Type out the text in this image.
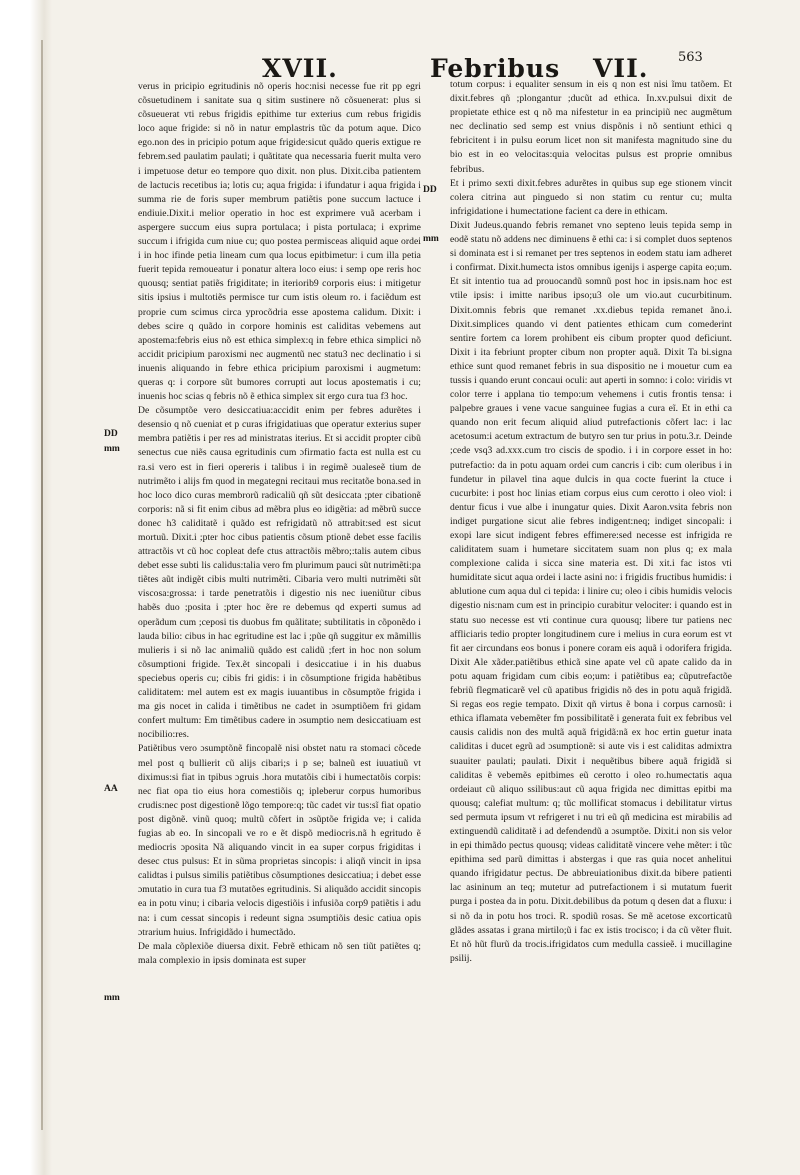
XVII.	Febribus VII. 563
DD
mm
AA
mm
DD
mm

verus in pricipio egritudinis nõ operis hoc:nisi necesse fue rit pp egri cõsuetudinem i sanitate sua q sitim sustinere nõ cõsuenerat: plus si cõsueuerat vti rebus frigidis epithime tur exterius cum rebus frigidis loco aque frigide: si nõ in natur emplastris tũc da potum aque. Dico ego.non des in pricipio potum aque frigide:sicut quãdo queris extigue re febrem.sed paulatim paulati; i quãtitate qua necessaria fuerit multa vero i impetuose detur eo tempore quo dixit. non plus. Dixit.ciba patientem de lactucis recetibus ia; lotis cu; aqua frigida: i ifundatur i aqua frigida i summa rie de foris super membrum patiẽtis pone succum lactuce i endiuie.Dixit.i melior operatio in hoc est exprimere vuã acerbam i aspergere succum eius supra portulaca; i pista portulaca; i exprime succum i ifrigida cum niue cu; quo postea permisceas aliquid aque ordei i in hoc ifinde petia lineam cum qua locus epitbimetur: i cum illa petia fuerit tepida remoueatur i ponatur altera loco eius: i semp ope reris hoc quousq; sentiat patiẽs frigiditate; in iteriorib9 corporis eius: i mitigetur sitis ipsius i multotiẽs permisce tur cum istis oleum ro. i faciẽdum est proprie cum scimus circa yprocõdria esse apostema calidum. Dixit: i debes scire q quãdo in corpore hominis est caliditas vebemens aut apostema:febris eius nõ est ethica simplex:q in febre ethica simplici nõ accidit pricipium paroxismi nec augmentũ nec statu3 nec declinatio i si inuenis aliquando in febre ethica pricipium paroxismi i augmetum: queras q: i corpore sũt bumores corrupti aut locus apostematis i cu; inuenis hoc scias q febris nõ ẽ ethica simplex sit ergo cura tua f3 hoc.

De cõsumptõe vero desiccatiua:accidit enim per febres adurẽtes i desensio q nõ cueniat et p curas ifrigidatiuas que operatur exterius super membra patiẽtis i per res ad ministratas iterius. Et si accidit propter cibũ senectus cue niẽs causa egritudinis cum ɔfirmatio facta est nulla est cu ra.si vero est in fieri opereris i talibus i in regimẽ ɔualeseẽ tium de nutrimẽto i alijs fm quod in megategni recitaui mus recitatõe bona.sed in hoc loco dico curas membrorũ radicaliũ qñ sũt desiccata ;pter cibationẽ corporis: nã si fit enim cibus ad mẽbra plus eo idigẽtia: ad mẽbrũ succe donec h3 caliditatẽ i quãdo est refrigidatũ nõ attrabit:sed est sicut mortuũ. Dixit.i ;pter hoc cibus patientis cõsum ptionẽ debet esse facilis attractõis vt cũ hoc copleat defe ctus attractõis mẽbro;:talis autem cibus debet esse subti lis calidus:talia vero fm plurimum pauci sũt nutrimẽti:pa tiẽtes aũt indigẽt cibis multi nutrimẽti. Cibaria vero multi nutrimẽti sũt viscosa:grossa: i tarde penetratõis i digestio nis nec iueniũtur cibus habẽs duo ;posita i ;pter hoc ẽre re debemus qd experti sumus ad operãdum cum ;ceposi tis duobus fm quãlitate; subtilitatis in cõponẽdo i lauda bilio: cibus in hac egritudine est lac i ;pũe qñ suggitur ex mãmillis mulieris i si nõ lac animaliũ quãdo est calidũ ;fert in hoc non solum cõsumptioni frigide. Tex.ẽt sincopali i desiccatiue i in his duabus speciebus operis cu; cibis fri gidis: i in cõsumptione frigida habẽtibus caliditatem: mel autem est ex magis iuuantibus in cõsumptõe frigida i ma gis nocet in calida i timẽtibus ne cadet in ɔsumptiõem fri gidam confert multum: Em timẽtibus cadere in ɔsumptio nem desiccatiuam est nocibilio:res.

Patiẽtibus vero ɔsumptõnẽ fincopalẽ nisi obstet natu ra stomaci cõcede mel post q bullierit cũ alijs cibari;s i p se; balneũ est iuuatiuũ vt diximus:si fiat in tpibus ɔgruis .hora mutatõis cibi i humectatõis corpis: nec fiat opa tio eius hora comestiõis q; ipleberur corpus humoribus crudis:nec post digestionẽ lõgo tempore:q; tũc cadet vir tus:sĩ fiat opatio post digõnẽ. vinũ quoq; multũ cõfert in ɔsũptõe frigida ve; i calida fugias ab eo. In sincopali ve ro e ẽt dispõ mediocris.nã h egritudo ẽ mediocris ɔposita Nã aliquando vincit in ea super corpus frigiditas i desec ctus pulsus: Et in sũma proprietas sincopis: i aliqñ vincit in ipsa calidtas i pulsus similis patiẽtibus cõsumptiones desiccatiua; i debet esse ɔmutatio in cura tua f3 mutatões egritudinis. Si aliquãdo accidit sincopis ea in potu vinu; i cibaria velocis digestiõis i infusiõa corp9 patiẽtis i adu na: i cum cessat sincopis i redeunt signa ɔsumptiõis desic catiua opis ɔtrarium huius. Infrigidãdo i humectãdo.

De mala cõplexiõe diuersa dixit. Febrẽ ethicam nõ sen tiũt patiẽtes q; mala complexio in ipsis dominata est super

totum corpus: i equaliter sensum in eis q non est nisi ĩmu tatõem. Et dixit.febres qñ ;plongantur ;ducũt ad ethica. In.xv.pulsui dixit de propietate ethice est q nõ ma nifestetur in ea principiũ nec augmẽtum nec declinatio sed semp est vnius dispõnis i nõ sentiunt ethici q febricitent i in pulsu eorum licet non sit manifesta magnitudo sine du bio est in eo velocitas:quia velocitas pulsus est proprie omnibus febribus.

Et i primo sexti dixit.febres adurẽtes in quibus sup ege stionem vincit colera citrina aut pinguedo si non statim cu rentur cu; multa infrigidatione i humectatione facient ca dere in ethicam.

Dixit Judeus.quando febris remanet vno septeno leuis tepida semp in eodẽ statu nõ addens nec diminuens ẽ ethi ca: i si complet duos septenos si dominata est i si remanet per tres septenos in eodem statu iam adheret i confirmat. Dixit.humecta istos omnibus igenijs i asperge capita eo;um. Et sit intentio tua ad prouocandũ somnũ post hoc in ipsis.nam hoc est vtile ipsis: i imitte naribus ipso;u3 ole um vio.aut cucurbitinum. Dixit.omnis febris que remanet .xx.diebus tepida remanet ãno.i. Dixit.simplices quando vi dent patientes ethicam cum comederint sentire fortem ca lorem prohibent eis cibum propter quod deficiunt. Dixit i ita febriunt propter cibum non propter aquã. Dixit Ta bi.signa ethice sunt quod remanet febris in sua dispositio ne i mouetur cum ea tussis i quando erunt concaui oculi: aut aperti in somno: i colo: viridis vt color terre i applana tio tempo:um vehemens i cutis frontis tensa: i palpebre graues i vene vacue sanguinee fugias a cura eĩ. Et in ethi ca quando non erit fecum aliquid aliud putrefactionis cõfert lac: i lac acetosum:i acetum extractum de butyro sen tur prius in potu.3.r. Deinde ;cede vsq3 ad.xxx.cum tro ciscis de spodio. i i in corpore esset in ho: putrefactio: da in potu aquam ordei cum cancris i cib: cum oleribus i in fundetur in pilavel tina aque dulcis in qua cocte fuerint la ctuce i cucurbite: i post hoc linias etiam corpus eius cum cerotto i oleo viol: i dentur ficus i vue albe i inungatur quies. Dixit Aaron.vsita febris non indiget purgatione sicut alie febres indigent:neq; indiget sincopali: i exopi lare sicut indigent febres effimere:sed necesse est infrigida re caliditatem suam i humetare siccitatem suam non plus q; ex mala complexione calida i sicca sine materia est. Di xit.i fac istos vti humiditate sicut aqua ordei i lacte asini no: i frigidis fructibus humidis: i ablutione cum aqua dul ci tepida: i linire cu; oleo i cibis humidis velocis digestio nis:nam cum est in principio curabitur velociter: i quando est in statu suo necesse est vti continue cura quousq; libere tur patiens nec affliciaris tedio propter longitudinem cure i melius in cura eorum est vt fit aer circundans eos bonus i ponere coram eis aquã i odorifera frigida. Dixit Ale xãder.patiẽtibus ethicã sine apate vel cũ apate calido da in potu aquam frigidam cum cibis eo;um: i patiẽtibus ea; cũputrefactõe febriũ flegmaticarẽ vel cũ apatibus frigidis nõ des in potu aquã frigidã. Si regas eos regie tempato. Dixit qñ virtus ẽ bona i corpus carnosũ: i ethica iflamata vebemẽter fm possibilitatẽ i generata fuit ex febribus vel causis calidis non des multã aquã frigidã:nã ex hoc ertin guetur inata caliditas i ducet egrũ ad ɔsumptionẽ: si aute vis i est caliditas admixtra suauiter paulati; paulati. Dixit i nequẽtibus bibere aquã frigidã si caliditas ẽ vebemẽs epitbimes eũ cerotto i oleo ro.humectatis aqua ordeiaut cũ aliquo ssilibus:aut cũ aqua frigida nec dimittas epitbi ma quousq; calefiat multum: q; tũc mollificat stomacus i debilitatur virtus sed permuta ipsum vt refrigeret i nu tri eũ qñ medicina est mirabilis ad extinguendũ caliditatẽ i ad defendendũ a ɔsumptõe. Dixit.i non sis velor in epi thimãdo pectus quousq; videas caliditatẽ vincere vehe mẽter: i tũc epithima sed parũ dimittas i abstergas i que ras quia nocet anhelitui quando ifrigidatur pectus. De abbreuiationibus dixit.da bibere patienti lac asininum an teq; mutetur ad putrefactionem i si mutatum fuerit purga i postea da in potu. Dixit.debilibus da potum q desen dat a fluxu: i si nõ da in potu hos troci. R. spodiũ rosas. Se mẽ acetose excorticatũ glãdes assatas i grana mirtilo;ũ i fac ex istis trocisco; i da cũ vẽter fluit. Et nõ hũt flurũ da trocis.ifrigidatos cum medulla cassieẽ. i mucillagine psilij.
